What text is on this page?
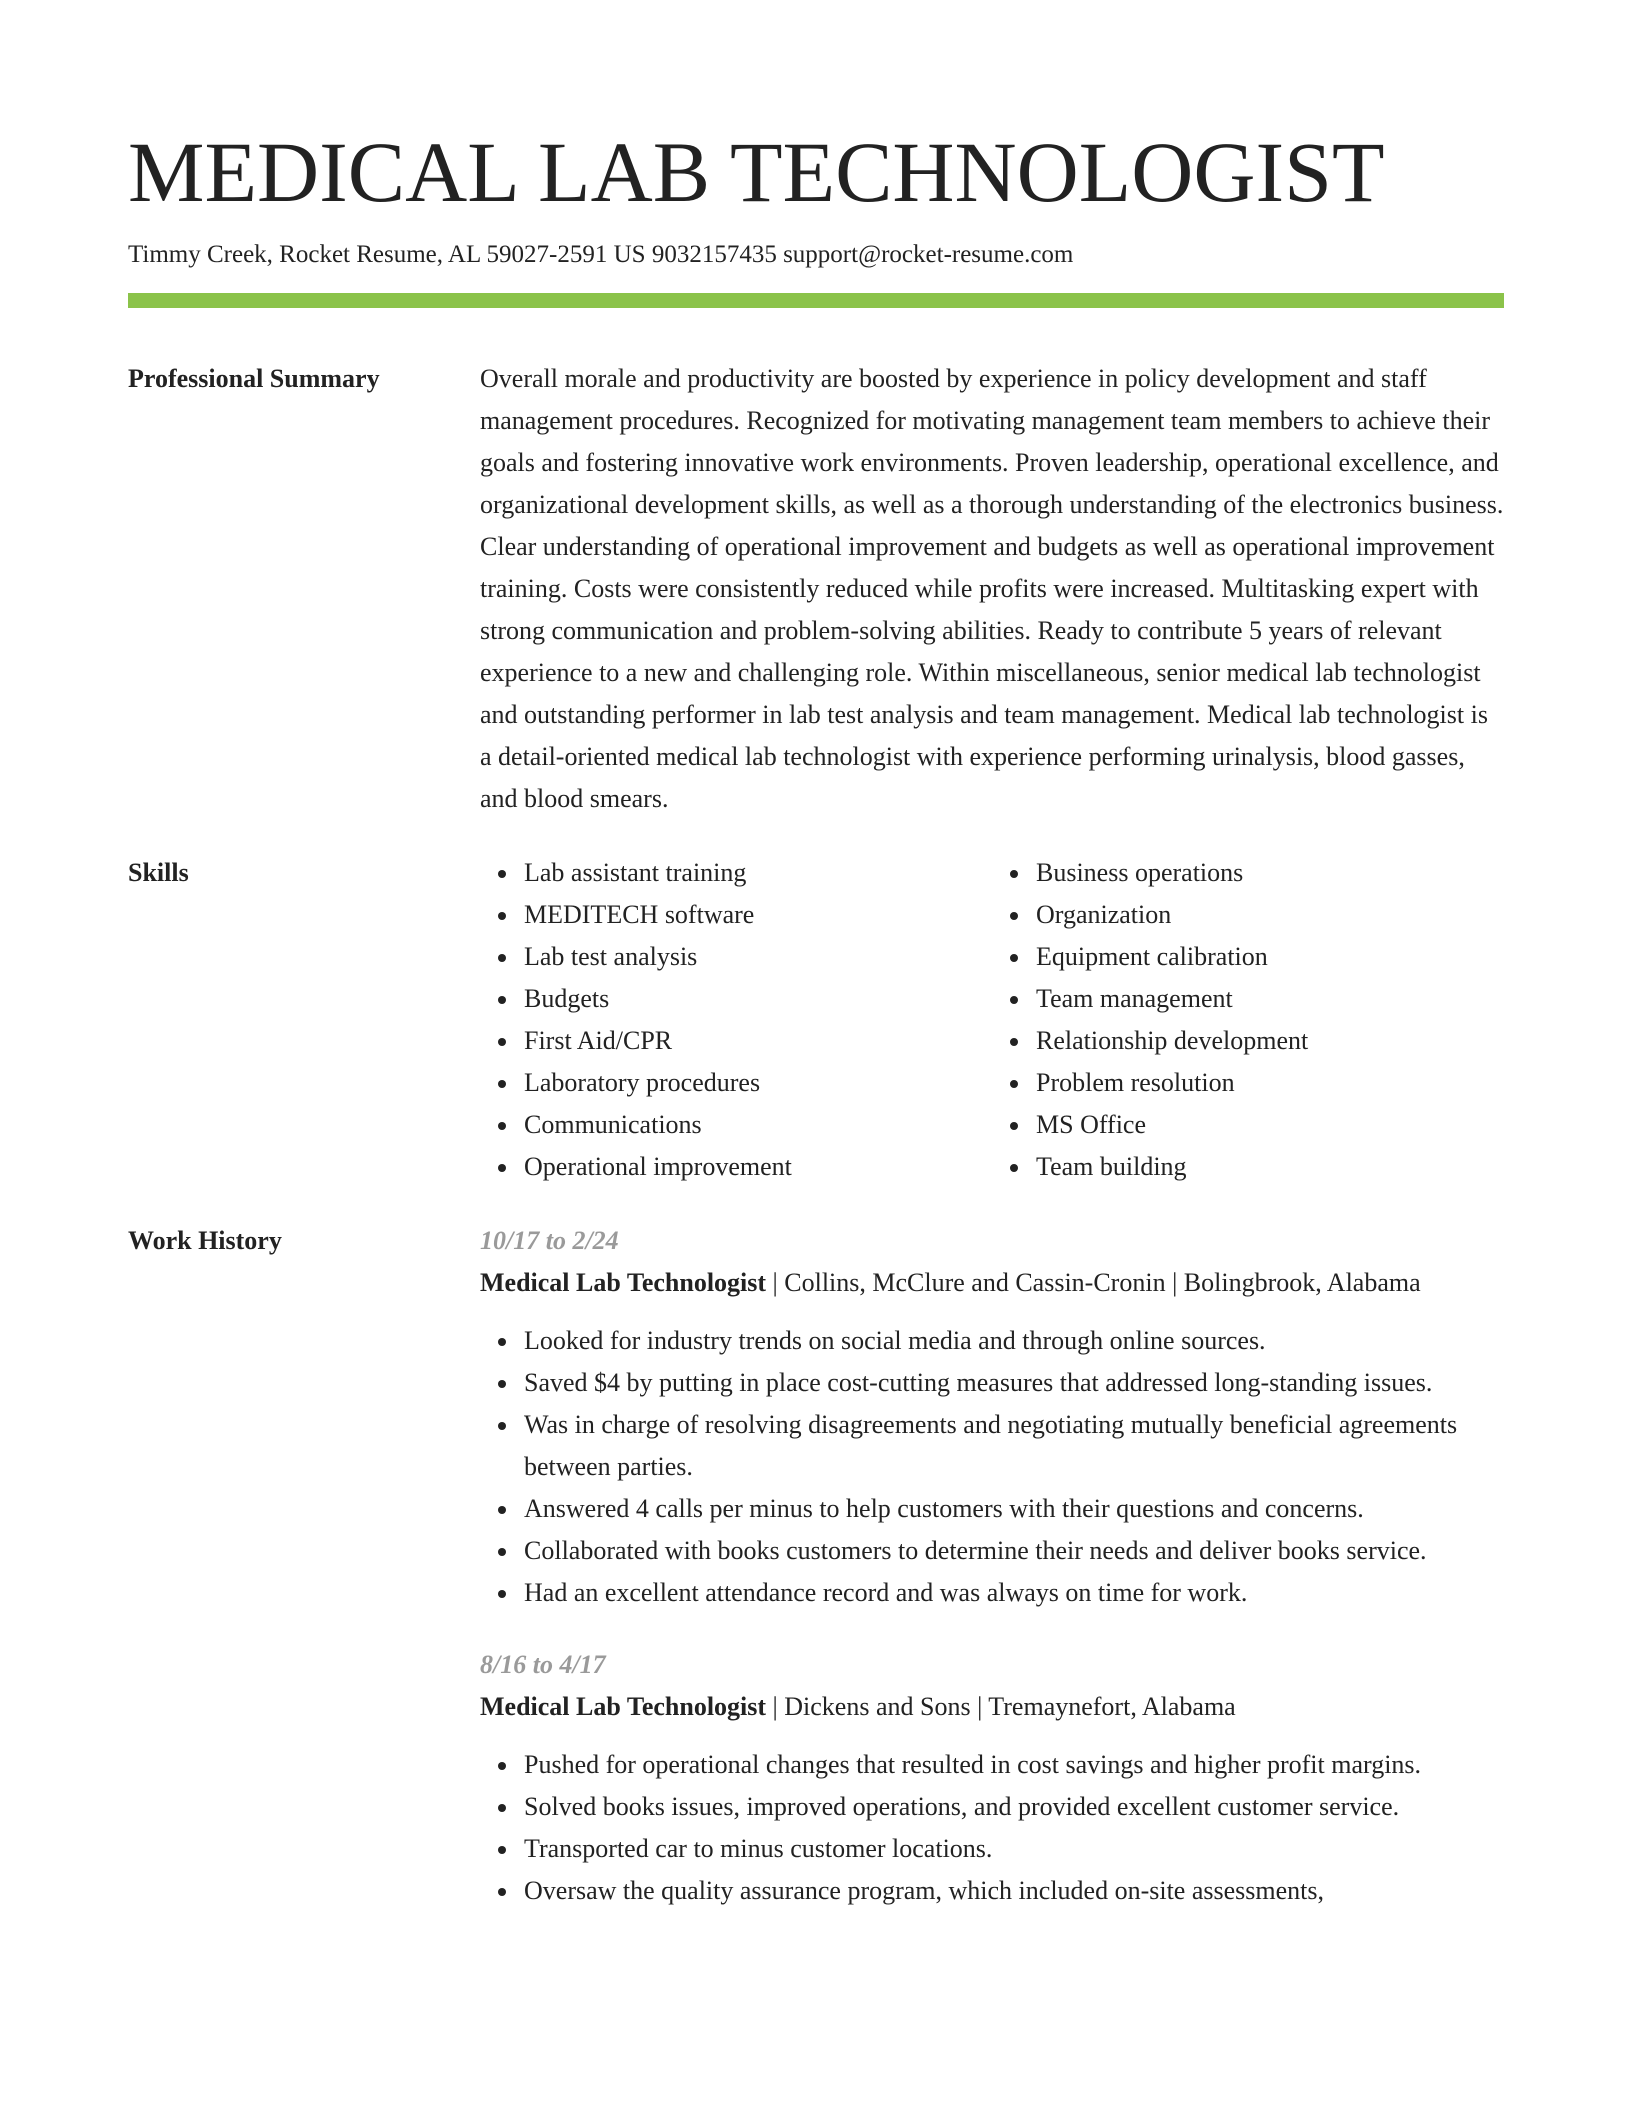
MEDICAL LAB TECHNOLOGIST
Timmy Creek, Rocket Resume, AL 59027-2591 US 9032157435 support@rocket-resume.com
Professional Summary	Overall morale and productivity are boosted by experience in policy development and staff management procedures. Recognized for motivating management team members to achieve their goals and fostering innovative work environments. Proven leadership, operational excellence, and organizational development skills, as well as a thorough understanding of the electronics business. Clear understanding of operational improvement and budgets as well as operational improvement training. Costs were consistently reduced while profits were increased. Multitasking expert with strong communication and problem-solving abilities. Ready to contribute 5 years of relevant experience to a new and challenging role. Within miscellaneous, senior medical lab technologist and outstanding performer in lab test analysis and team management. Medical lab technologist is a detail-oriented medical lab technologist with experience performing urinalysis, blood gasses, and blood smears.
Skills	Lab assistant training
MEDITECH software
Lab test analysis
Budgets
First Aid/CPR
Laboratory procedures
Communications
Operational improvement
Business operations
Organization
Equipment calibration
Team management
Relationship development
Problem resolution
MS Office
Team building
Work History	10/17 to 2/24
Medical Lab Technologist | Collins, McClure and Cassin-Cronin | Bolingbrook, Alabama
Looked for industry trends on social media and through online sources.
Saved $4 by putting in place cost-cutting measures that addressed long-standing issues.
Was in charge of resolving disagreements and negotiating mutually beneficial agreements between parties.
Answered 4 calls per minus to help customers with their questions and concerns.
Collaborated with books customers to determine their needs and deliver books service.
Had an excellent attendance record and was always on time for work.
8/16 to 4/17
Medical Lab Technologist | Dickens and Sons | Tremaynefort, Alabama
Pushed for operational changes that resulted in cost savings and higher profit margins.
Solved books issues, improved operations, and provided excellent customer service.
Transported car to minus customer locations.
Oversaw the quality assurance program, which included on-site assessments,
